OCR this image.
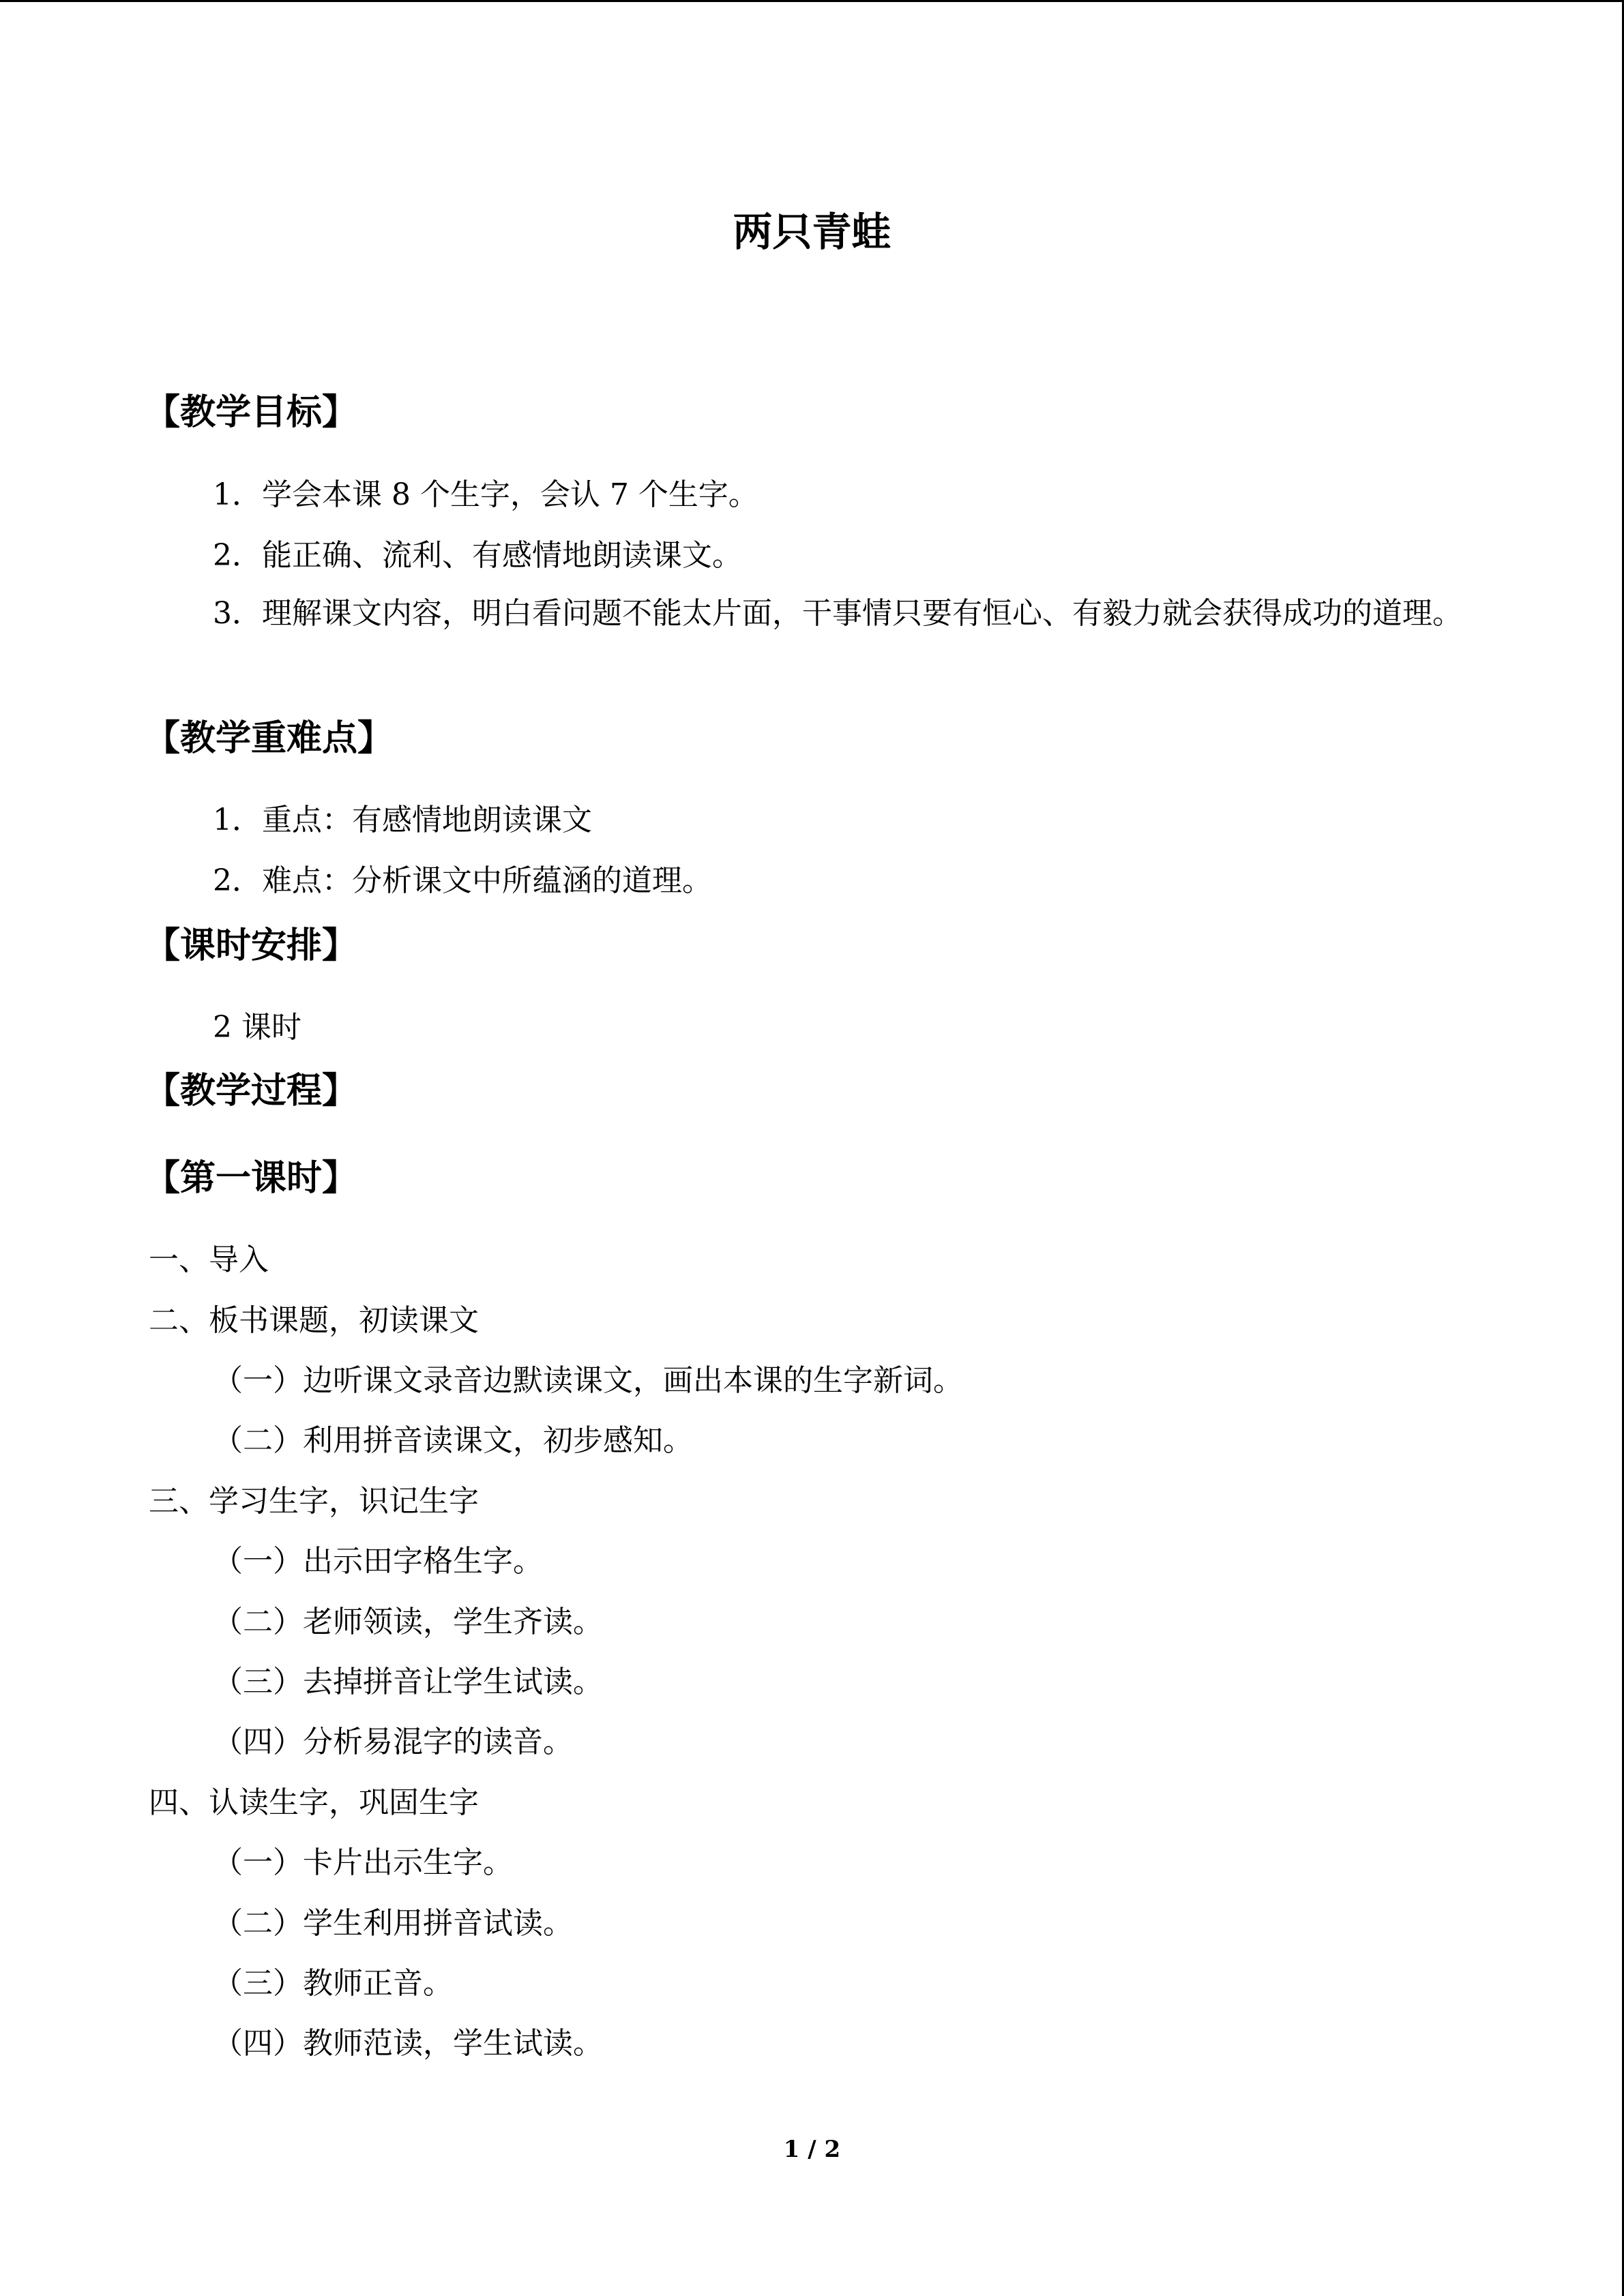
两只青蛙
【教学目标】
1．学会本课 8 个生字，会认 7 个生字。
2．能正确、流利、有感情地朗读课文。
3．理解课文内容，明白看问题不能太片面，干事情只要有恒心、有毅力就会获得成功的道理。
【教学重难点】
1．重点：有感情地朗读课文
2．难点：分析课文中所蕴涵的道理。
【课时安排】
2 课时
【教学过程】
【第一课时】
一、导入
二、板书课题，初读课文
（一）边听课文录音边默读课文，画出本课的生字新词。
（二）利用拼音读课文，初步感知。
三、学习生字，识记生字
（一）出示田字格生字。
（二）老师领读，学生齐读。
（三）去掉拼音让学生试读。
（四）分析易混字的读音。
四、认读生字，巩固生字
（一）卡片出示生字。
（二）学生利用拼音试读。
（三）教师正音。
（四）教师范读，学生试读。
1 / 2
